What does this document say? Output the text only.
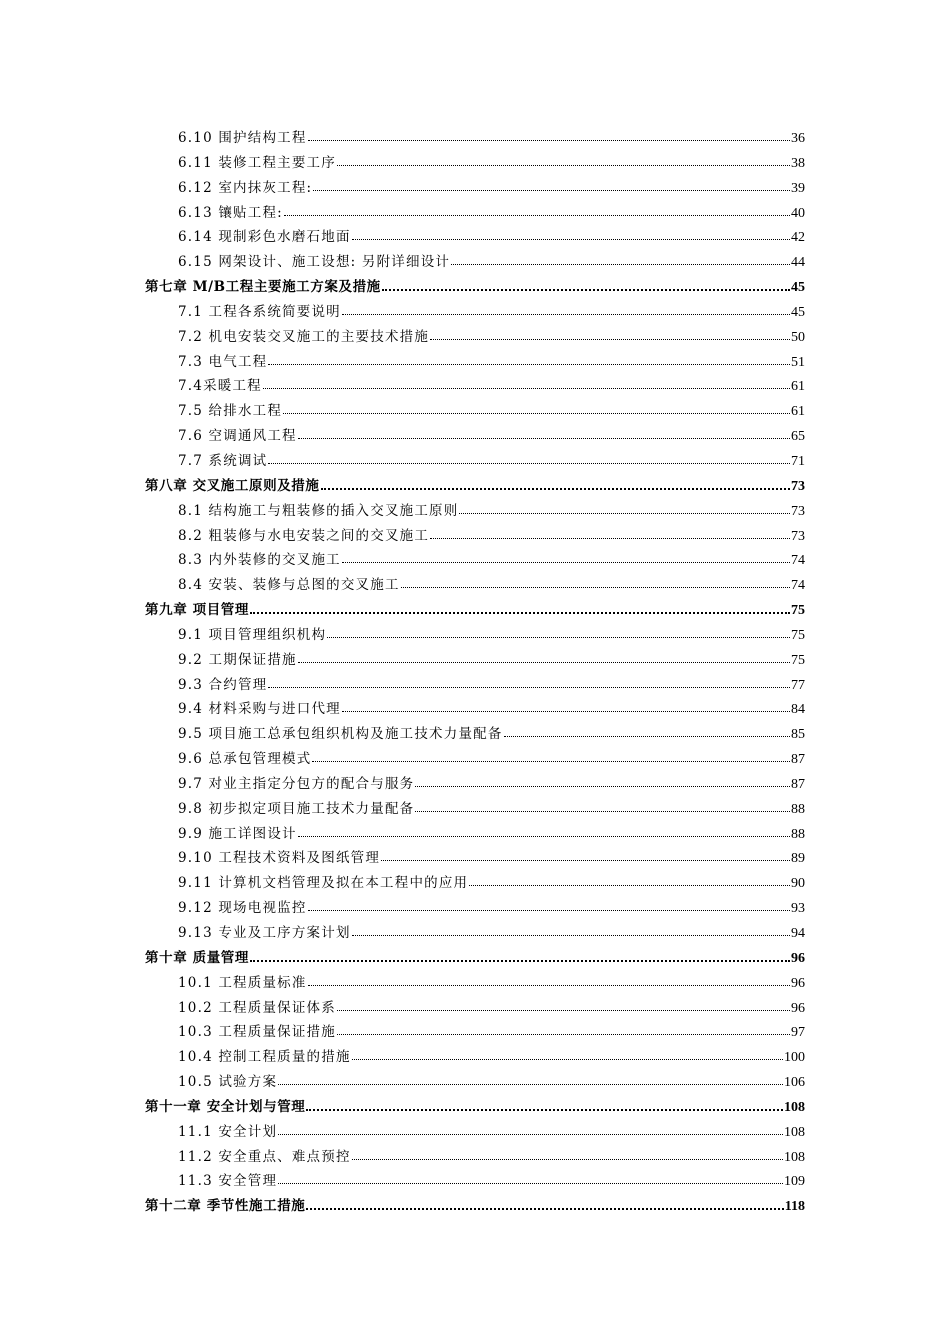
6.10 围护结构工程	36
6.11 装修工程主要工序	38
6.12 室内抹灰工程:	39
6.13 镶贴工程:	40
6.14 现制彩色水磨石地面	42
6.15 网架设计、施工设想: 另附详细设计	44
第七章 M/B工程主要施工方案及措施	45
7.1 工程各系统简要说明	45
7.2 机电安装交叉施工的主要技术措施	50
7.3 电气工程	51
7.4采暖工程	61
7.5 给排水工程	61
7.6 空调通风工程	65
7.7 系统调试	71
第八章 交叉施工原则及措施	73
8.1 结构施工与粗装修的插入交叉施工原则	73
8.2 粗装修与水电安装之间的交叉施工	73
8.3 内外装修的交叉施工	74
8.4 安装、装修与总图的交叉施工	74
第九章 项目管理	75
9.1 项目管理组织机构	75
9.2 工期保证措施	75
9.3 合约管理	77
9.4 材料采购与进口代理	84
9.5 项目施工总承包组织机构及施工技术力量配备	85
9.6 总承包管理模式	87
9.7 对业主指定分包方的配合与服务	87
9.8 初步拟定项目施工技术力量配备	88
9.9 施工详图设计	88
9.10 工程技术资料及图纸管理	89
9.11 计算机文档管理及拟在本工程中的应用	90
9.12 现场电视监控	93
9.13 专业及工序方案计划	94
第十章 质量管理	96
10.1 工程质量标准	96
10.2 工程质量保证体系	96
10.3 工程质量保证措施	97
10.4 控制工程质量的措施	100
10.5 试验方案	106
第十一章 安全计划与管理	108
11.1 安全计划	108
11.2 安全重点、难点预控	108
11.3 安全管理	109
第十二章 季节性施工措施	118
